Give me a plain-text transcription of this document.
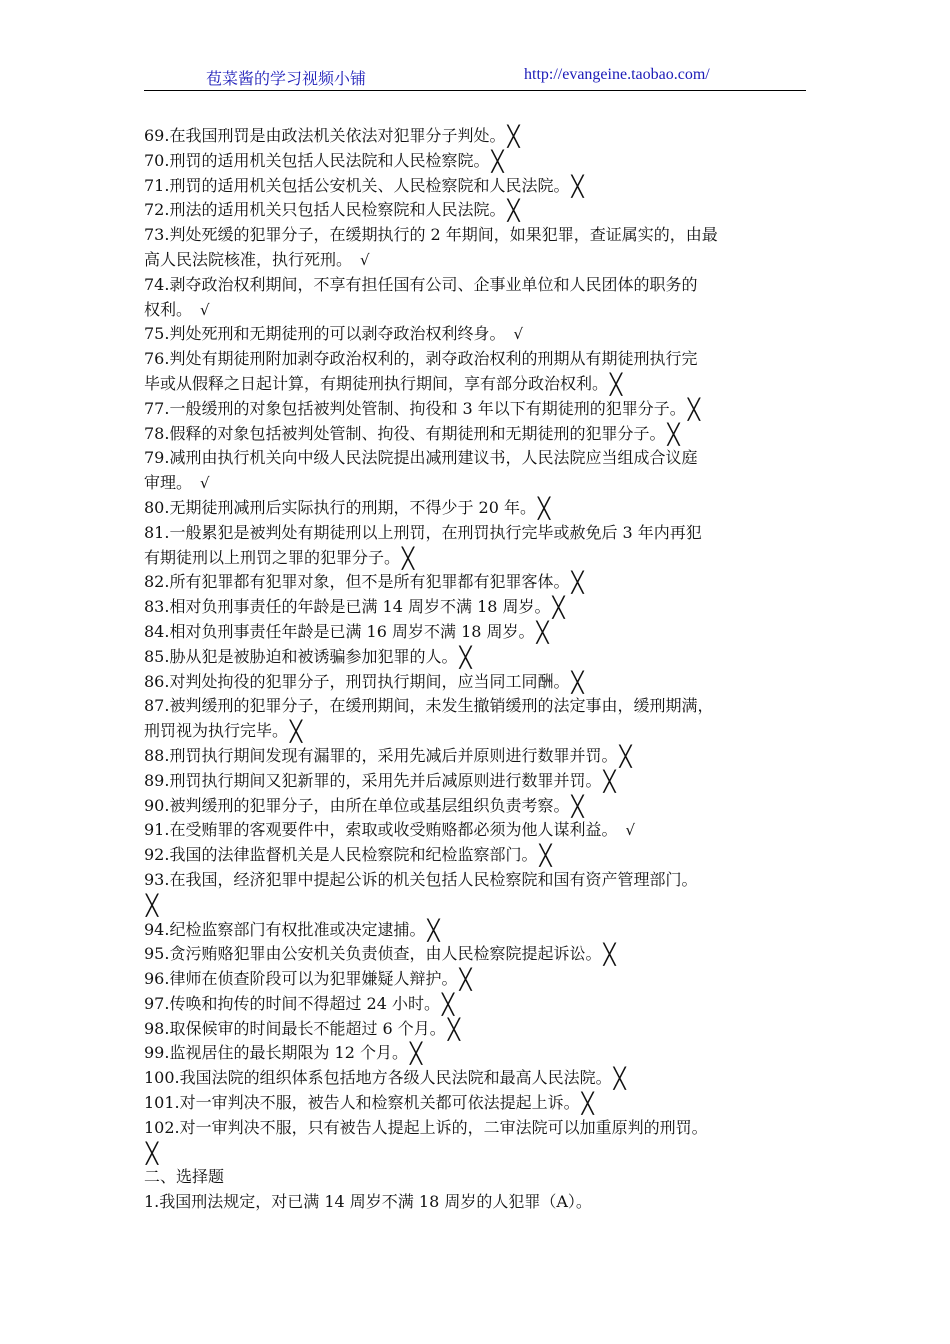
苞菜酱的学习视频小铺	http://evangeine.taobao.com/
69.在我国刑罚是由政法机关依法对犯罪分子判处。 ╳
70.刑罚的适用机关包括人民法院和人民检察院。 ╳
71.刑罚的适用机关包括公安机关、人民检察院和人民法院。 ╳
72.刑法的适用机关只包括人民检察院和人民法院。 ╳
73.判处死缓的犯罪分子，在缓期执行的 2 年期间，如果犯罪，查证属实的，由最
高人民法院核准，执行死刑。 √
74.剥夺政治权利期间，不享有担任国有公司、企事业单位和人民团体的职务的
权利。 √
75.判处死刑和无期徒刑的可以剥夺政治权利终身。 √
76.判处有期徒刑附加剥夺政治权利的，剥夺政治权利的刑期从有期徒刑执行完
毕或从假释之日起计算，有期徒刑执行期间，享有部分政治权利。 ╳
77.一般缓刑的对象包括被判处管制、拘役和 3 年以下有期徒刑的犯罪分子。 ╳
78.假释的对象包括被判处管制、拘役、有期徒刑和无期徒刑的犯罪分子。 ╳
79.减刑由执行机关向中级人民法院提出减刑建议书，人民法院应当组成合议庭
审理。 √
80.无期徒刑减刑后实际执行的刑期，不得少于 20 年。 ╳
81.一般累犯是被判处有期徒刑以上刑罚，在刑罚执行完毕或赦免后 3 年内再犯
有期徒刑以上刑罚之罪的犯罪分子。 ╳
82.所有犯罪都有犯罪对象，但不是所有犯罪都有犯罪客体。 ╳
83.相对负刑事责任的年龄是已满 14 周岁不满 18 周岁。 ╳
84.相对负刑事责任年龄是已满 16 周岁不满 18 周岁。 ╳
85.胁从犯是被胁迫和被诱骗参加犯罪的人。 ╳
86.对判处拘役的犯罪分子，刑罚执行期间，应当同工同酬。 ╳
87.被判缓刑的犯罪分子，在缓刑期间，未发生撤销缓刑的法定事由，缓刑期满，
刑罚视为执行完毕。 ╳
88.刑罚执行期间发现有漏罪的，采用先减后并原则进行数罪并罚。 ╳
89.刑罚执行期间又犯新罪的，采用先并后减原则进行数罪并罚。 ╳
90.被判缓刑的犯罪分子，由所在单位或基层组织负责考察。 ╳
91.在受贿罪的客观要件中，索取或收受贿赂都必须为他人谋利益。 √
92.我国的法律监督机关是人民检察院和纪检监察部门。 ╳
93.在我国，经济犯罪中提起公诉的机关包括人民检察院和国有资产管理部门。
╳
94.纪检监察部门有权批准或决定逮捕。 ╳
95.贪污贿赂犯罪由公安机关负责侦查，由人民检察院提起诉讼。 ╳
96.律师在侦查阶段可以为犯罪嫌疑人辩护。 ╳
97.传唤和拘传的时间不得超过 24 小时。 ╳
98.取保候审的时间最长不能超过 6 个月。 ╳
99.监视居住的最长期限为 12 个月。 ╳
100.我国法院的组织体系包括地方各级人民法院和最高人民法院。 ╳
101.对一审判决不服，被告人和检察机关都可依法提起上诉。 ╳
102.对一审判决不服，只有被告人提起上诉的，二审法院可以加重原判的刑罚。
╳
二、选择题
1.我国刑法规定，对已满 14 周岁不满 18 周岁的人犯罪（A）。
